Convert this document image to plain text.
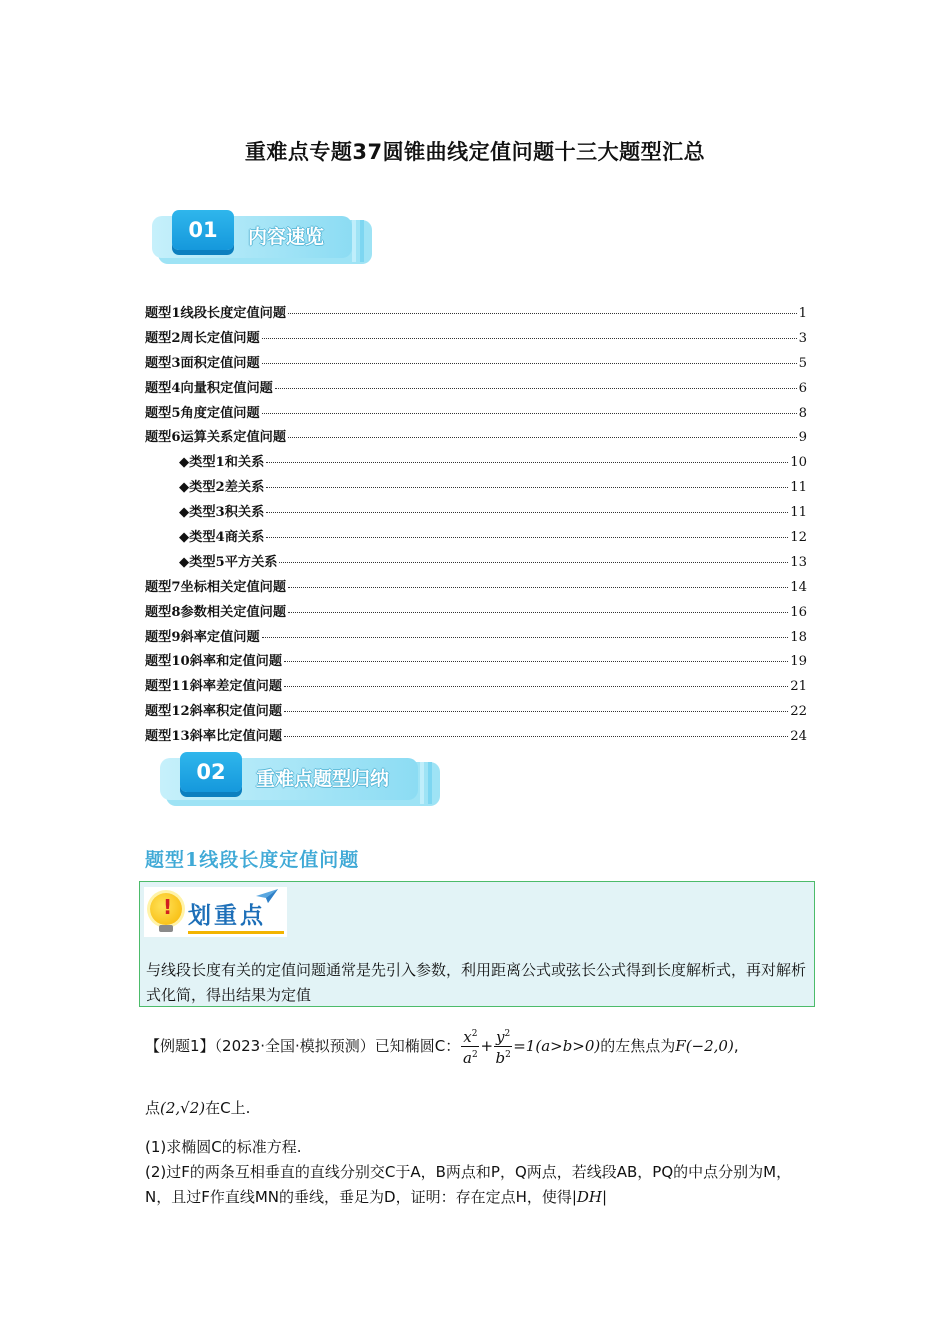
重难点专题37圆锥曲线定值问题十三大题型汇总
01	内容速览
题型1线段长度定值问题	1
题型2周长定值问题	3
题型3面积定值问题	5
题型4向量积定值问题	6
题型5角度定值问题	8
题型6运算关系定值问题	9
◆类型1和关系	10
◆类型2差关系	11
◆类型3积关系	11
◆类型4商关系	12
◆类型5平方关系	13
题型7坐标相关定值问题	14
题型8参数相关定值问题	16
题型9斜率定值问题	18
题型10斜率和定值问题	19
题型11斜率差定值问题	21
题型12斜率积定值问题	22
题型13斜率比定值问题	24
02	重难点题型归纳
题型1线段长度定值问题
! 划重点
与线段长度有关的定值问题通常是先引入参数，利用距离公式或弦长公式得到长度解析式，再对解析式化简，得出结果为定值
【例题1】（2023·全国·模拟预测）已知椭圆C： $\frac{x^2}{a^2} + \frac{y^2}{b^2} =1(a>b>0)$的左焦点为F(−2,0),
点(2,√2)在C上.
(1)求椭圆C的标准方程.
(2)过F的两条互相垂直的直线分别交C于A，B两点和P，Q两点，若线段AB，PQ的中点分别为M，N，且过F作直线MN的垂线，垂足为D，证明：存在定点H，使得|DH|
